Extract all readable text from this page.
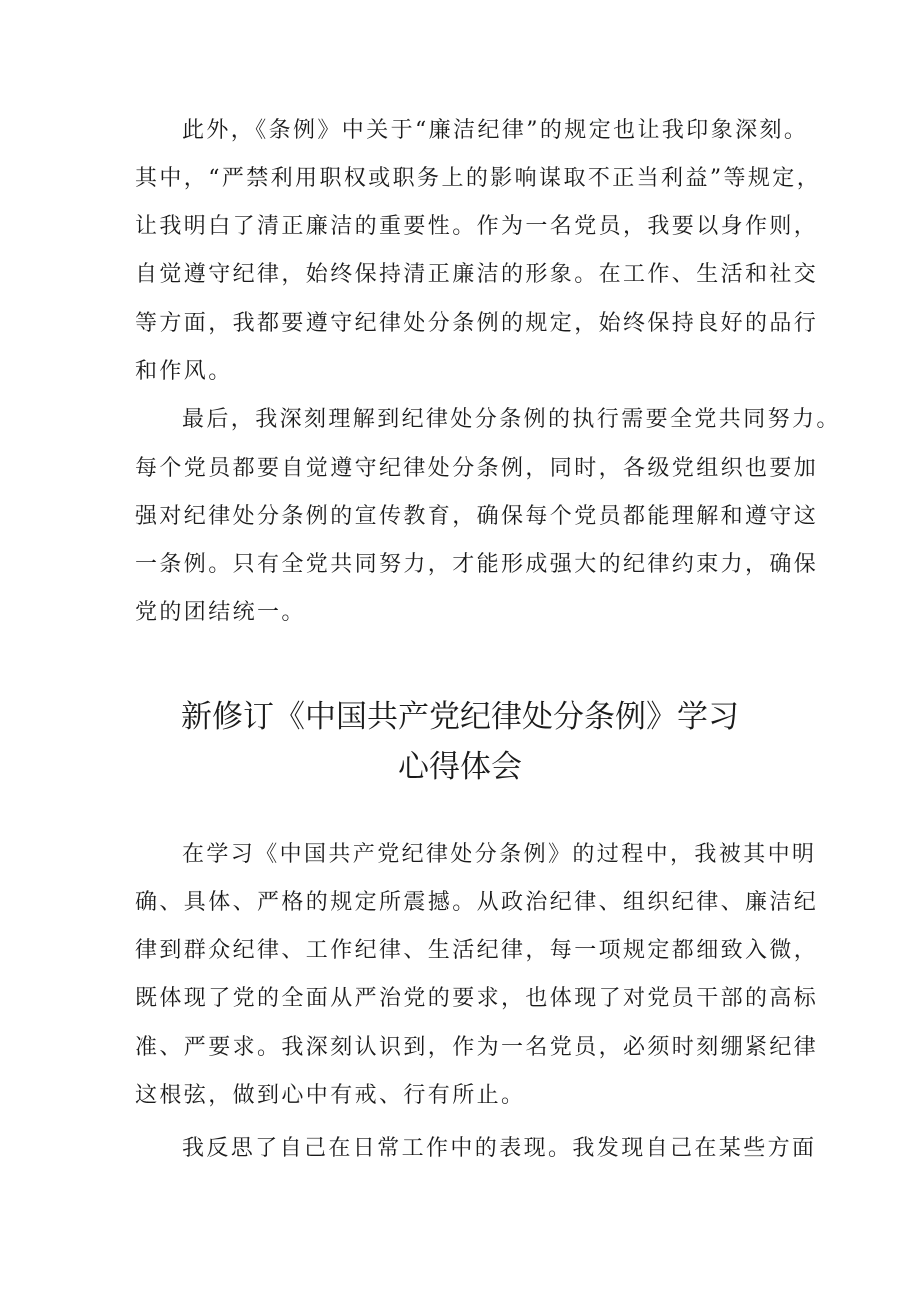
此外，《条例》中关于“廉洁纪律”的规定也让我印象深刻。
其中，“严禁利用职权或职务上的影响谋取不正当利益”等规定，
让我明白了清正廉洁的重要性。作为一名党员，我要以身作则，
自觉遵守纪律，始终保持清正廉洁的形象。在工作、生活和社交
等方面，我都要遵守纪律处分条例的规定，始终保持良好的品行
和作风。
最后，我深刻理解到纪律处分条例的执行需要全党共同努力。
每个党员都要自觉遵守纪律处分条例，同时，各级党组织也要加
强对纪律处分条例的宣传教育，确保每个党员都能理解和遵守这
一条例。只有全党共同努力，才能形成强大的纪律约束力，确保
党的团结统一。
新修订《中国共产党纪律处分条例》学习
心得体会
在学习《中国共产党纪律处分条例》的过程中，我被其中明
确、具体、严格的规定所震撼。从政治纪律、组织纪律、廉洁纪
律到群众纪律、工作纪律、生活纪律，每一项规定都细致入微，
既体现了党的全面从严治党的要求，也体现了对党员干部的高标
准、严要求。我深刻认识到，作为一名党员，必须时刻绷紧纪律
这根弦，做到心中有戒、行有所止。
我反思了自己在日常工作中的表现。我发现自己在某些方面
